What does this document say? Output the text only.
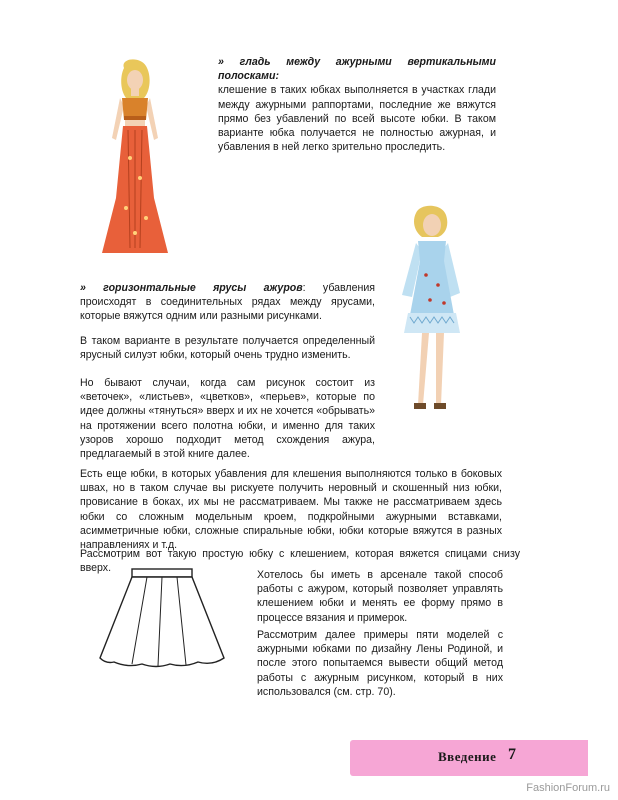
» гладь между ажурными вертикальными полосками:
клешение в таких юбках выполняется в участках глади между ажурными раппортами, последние же вяжутся прямо без убавлений по всей высоте юбки. В таком варианте юбка получается не полностью ажурная, и убавления в ней легко зрительно проследить.

» горизонтальные ярусы ажуров: убавления происходят в соединительных рядах между ярусами, которые вяжутся одним или разными рисунками.

В таком варианте в результате получается определенный ярусный силуэт юбки, который очень трудно изменить.

Но бывают случаи, когда сам рисунок состоит из «веточек», «листьев», «цветков», «перьев», которые по идее должны «тянуться» вверх и их не хочется «обрывать» на протяжении всего полотна юбки, и именно для таких узоров хорошо подходит метод схождения ажура, предлагаемый в этой книге далее.

Есть еще юбки, в которых убавления для клешения выполняются только в боковых швах, но в таком случае вы рискуете получить неровный и скошенный низ юбки, провисание в боках, их мы не рассматриваем. Мы также не рассматриваем здесь юбки со сложным модельным кроем, подкройными ажурными вставками, асимметричные юбки, сложные спиральные юбки, юбки которые вяжутся в разных направлениях и т.д.

Рассмотрим вот такую простую юбку с клешением, которая вяжется спицами снизу вверх.

Хотелось бы иметь в арсенале такой способ работы с ажуром, который позволяет управлять клешением юбки и менять ее форму прямо в процессе вязания и примерок.

Рассмотрим далее примеры пяти моделей с ажурными юбками по дизайну Лены Родиной, и после этого попытаемся вывести общий метод работы с ажурным рисунком, который в них использовался (см. стр. 70).

Введение 7
FashionForum.ru
